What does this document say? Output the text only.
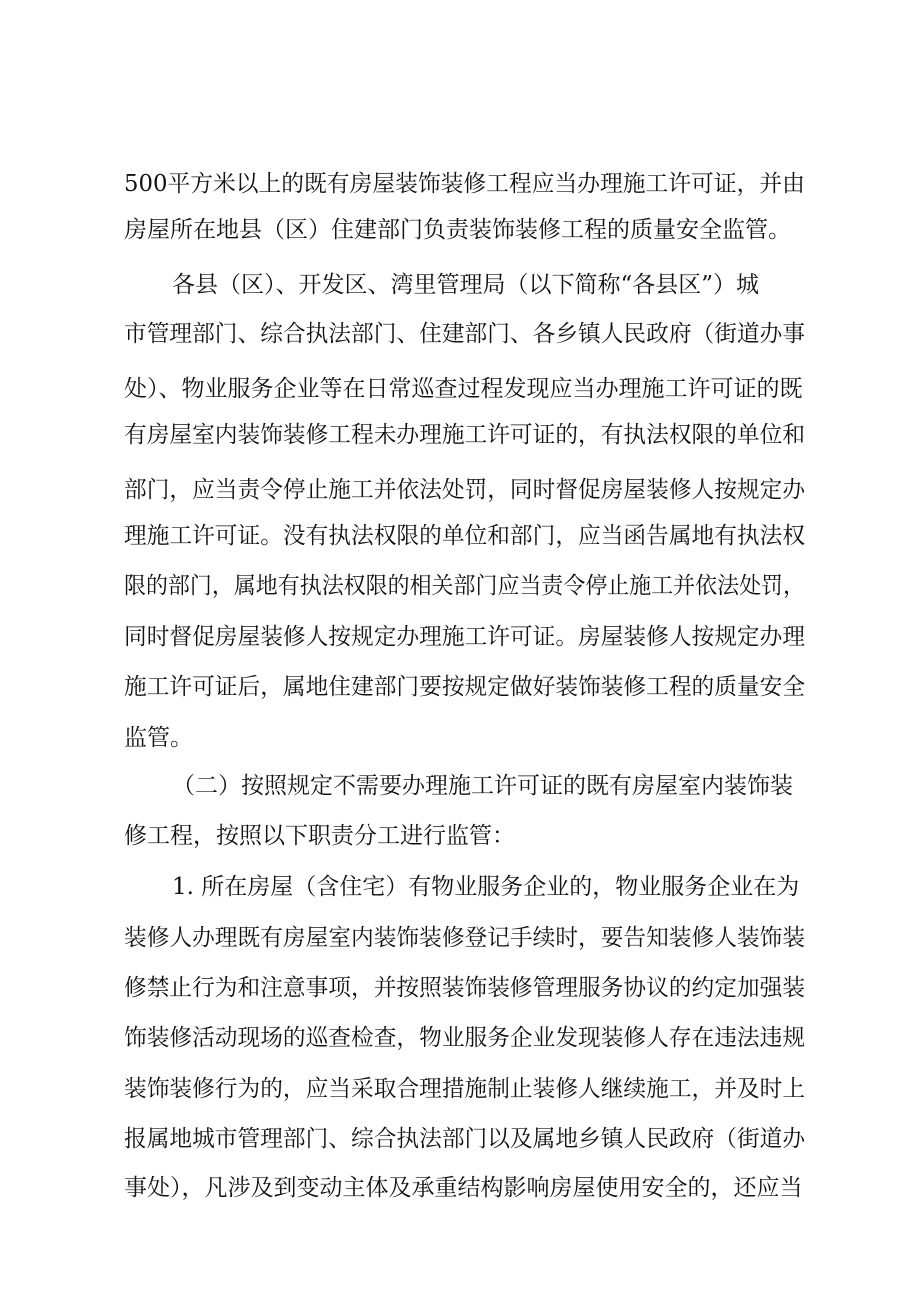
500平方米以上的既有房屋装饰装修工程应当办理施工许可证，并由
房屋所在地县（区）住建部门负责装饰装修工程的质量安全监管。
各县（区）、开发区、湾里管理局（以下简称“各县区”）城
市管理部门、综合执法部门、住建部门、各乡镇人民政府（街道办事
处）、物业服务企业等在日常巡查过程发现应当办理施工许可证的既
有房屋室内装饰装修工程未办理施工许可证的，有执法权限的单位和
部门，应当责令停止施工并依法处罚，同时督促房屋装修人按规定办
理施工许可证。没有执法权限的单位和部门，应当函告属地有执法权
限的部门，属地有执法权限的相关部门应当责令停止施工并依法处罚，
同时督促房屋装修人按规定办理施工许可证。房屋装修人按规定办理
施工许可证后，属地住建部门要按规定做好装饰装修工程的质量安全
监管。
（二）按照规定不需要办理施工许可证的既有房屋室内装饰装
修工程，按照以下职责分工进行监管：
1. 所在房屋（含住宅）有物业服务企业的，物业服务企业在为
装修人办理既有房屋室内装饰装修登记手续时，要告知装修人装饰装
修禁止行为和注意事项，并按照装饰装修管理服务协议的约定加强装
饰装修活动现场的巡查检查，物业服务企业发现装修人存在违法违规
装饰装修行为的，应当采取合理措施制止装修人继续施工，并及时上
报属地城市管理部门、综合执法部门以及属地乡镇人民政府（街道办
事处），凡涉及到变动主体及承重结构影响房屋使用安全的，还应当
